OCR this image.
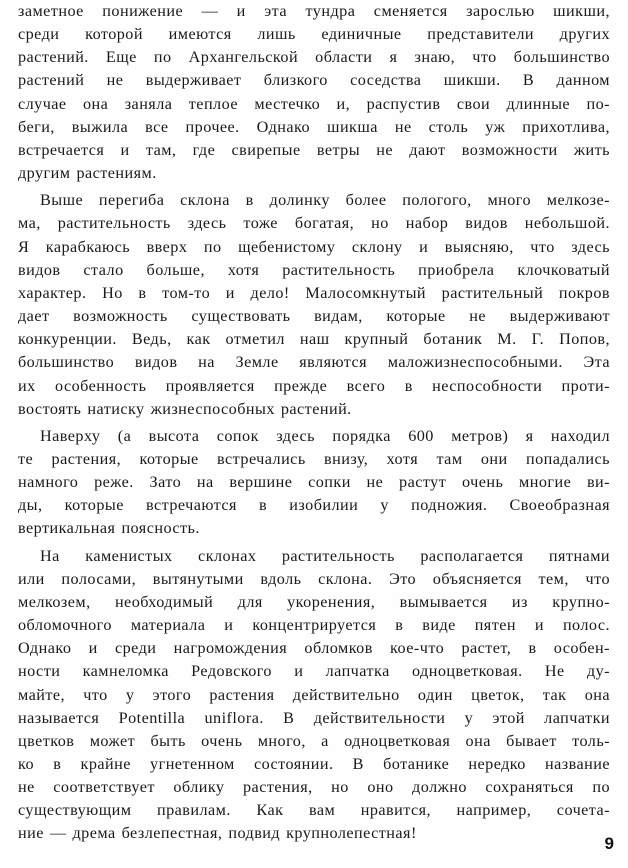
заметное понижение — и эта тундра сменяется зарослью шикши,
среди которой имеются лишь единичные представители других
растений. Еще по Архангельской области я знаю, что большинство
растений не выдерживает близкого соседства шикши. В данном
случае она заняла теплое местечко и, распустив свои длинные по-
беги, выжила все прочее. Однако шикша не столь уж прихотлива,
встречается и там, где свирепые ветры не дают возможности жить
другим растениям.
Выше перегиба склона в долинку более пологого, много мелкозе-
ма, растительность здесь тоже богатая, но набор видов небольшой.
Я карабкаюсь вверх по щебенистому склону и выясняю, что здесь
видов стало больше, хотя растительность приобрела клочковатый
характер. Но в том-то и дело! Малосомкнутый растительный покров
дает возможность существовать видам, которые не выдерживают
конкуренции. Ведь, как отметил наш крупный ботаник М. Г. Попов,
большинство видов на Земле являются маложизнеспособными. Эта
их особенность проявляется прежде всего в неспособности проти-
востоять натиску жизнеспособных растений.
Наверху (а высота сопок здесь порядка 600 метров) я находил
те растения, которые встречались внизу, хотя там они попадались
намного реже. Зато на вершине сопки не растут очень многие ви-
ды, которые встречаются в изобилии у подножия. Своеобразная
вертикальная поясность.
На каменистых склонах растительность располагается пятнами
или полосами, вытянутыми вдоль склона. Это объясняется тем, что
мелкозем, необходимый для укоренения, вымывается из крупно-
обломочного материала и концентрируется в виде пятен и полос.
Однако и среди нагромождения обломков кое-что растет, в особен-
ности камнеломка Редовского и лапчатка одноцветковая. Не ду-
майте, что у этого растения действительно один цветок, так она
называется Potentilla uniflora. В действительности у этой лапчатки
цветков может быть очень много, а одноцветковая она бывает толь-
ко в крайне угнетенном состоянии. В ботанике нередко название
не соответствует облику растения, но оно должно сохраняться по
существующим правилам. Как вам нравится, например, сочета-
ние — дрема безлепестная, подвид крупнолепестная!
9
